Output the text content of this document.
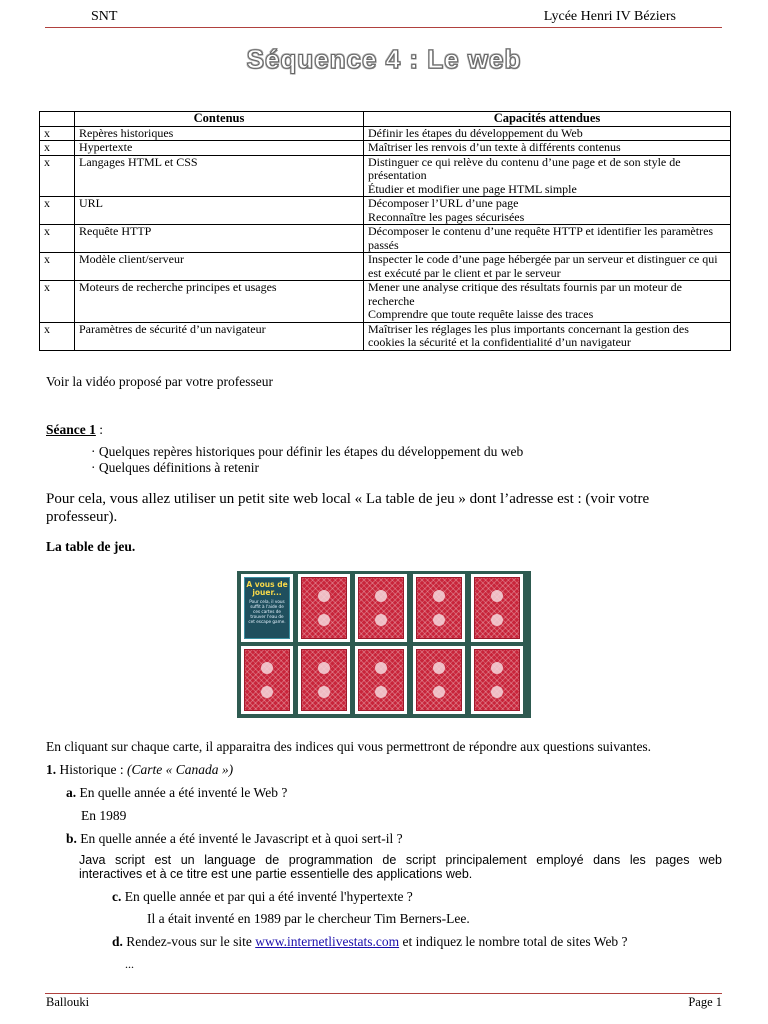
SNT	Lycée Henri IV Béziers
Séquence 4 : Le web
	Contenus	Capacités attendues
x	Repères historiques	Définir les étapes du développement du Web

x	Hypertexte	Maîtriser les renvois d’un texte à différents contenus

x	Langages HTML et CSS	Distinguer ce qui relève du contenu d’une page et de son style de présentation
Étudier et modifier une page HTML simple

x	URL	Décomposer l’URL d’une page
Reconnaître les pages sécurisées

x	Requête HTTP	Décomposer le contenu d’une requête HTTP et identifier les paramètres passés

x	Modèle client/serveur	Inspecter le code d’une page hébergée par un serveur et distinguer ce qui est exécuté par le client et par le serveur

x	Moteurs de recherche principes et usages	Mener une analyse critique des résultats fournis par un moteur de recherche
Comprendre que toute requête laisse des traces

x	Paramètres de sécurité d’un navigateur	Maîtriser les réglages les plus importants concernant la gestion des cookies la sécurité et la confidentialité d’un navigateur
Voir la vidéo proposé par votre professeur
Séance 1 :
· Quelques repères historiques pour définir les étapes du développement du web
· Quelques définitions à retenir
Pour cela, vous allez utiliser un petit site web local « La table de jeu » dont l’adresse est : (voir votre professeur).
La table de jeu.
A vous de jouer...
Pour cela, il vous suffit à l'aide de ces cartes de trouver l'eau de cet escape game.
En cliquant sur chaque carte, il apparaitra des indices qui vous permettront de répondre aux questions suivantes.
1. Historique : (Carte « Canada »)
a. En quelle année a été inventé le Web ?
En 1989
b. En quelle année a été inventé le Javascript et à quoi sert-il ?
Java script est un language de programmation de script principalement employé dans les pages web
interactives et à ce titre est une partie essentielle des applications web.
c. En quelle année et par qui a été inventé l'hypertexte ?
Il a était inventé en 1989 par le chercheur Tim Berners-Lee.
d. Rendez-vous sur le site www.internetlivestats.com et indiquez le nombre total de sites Web ?
...
Ballouki	Page 1
